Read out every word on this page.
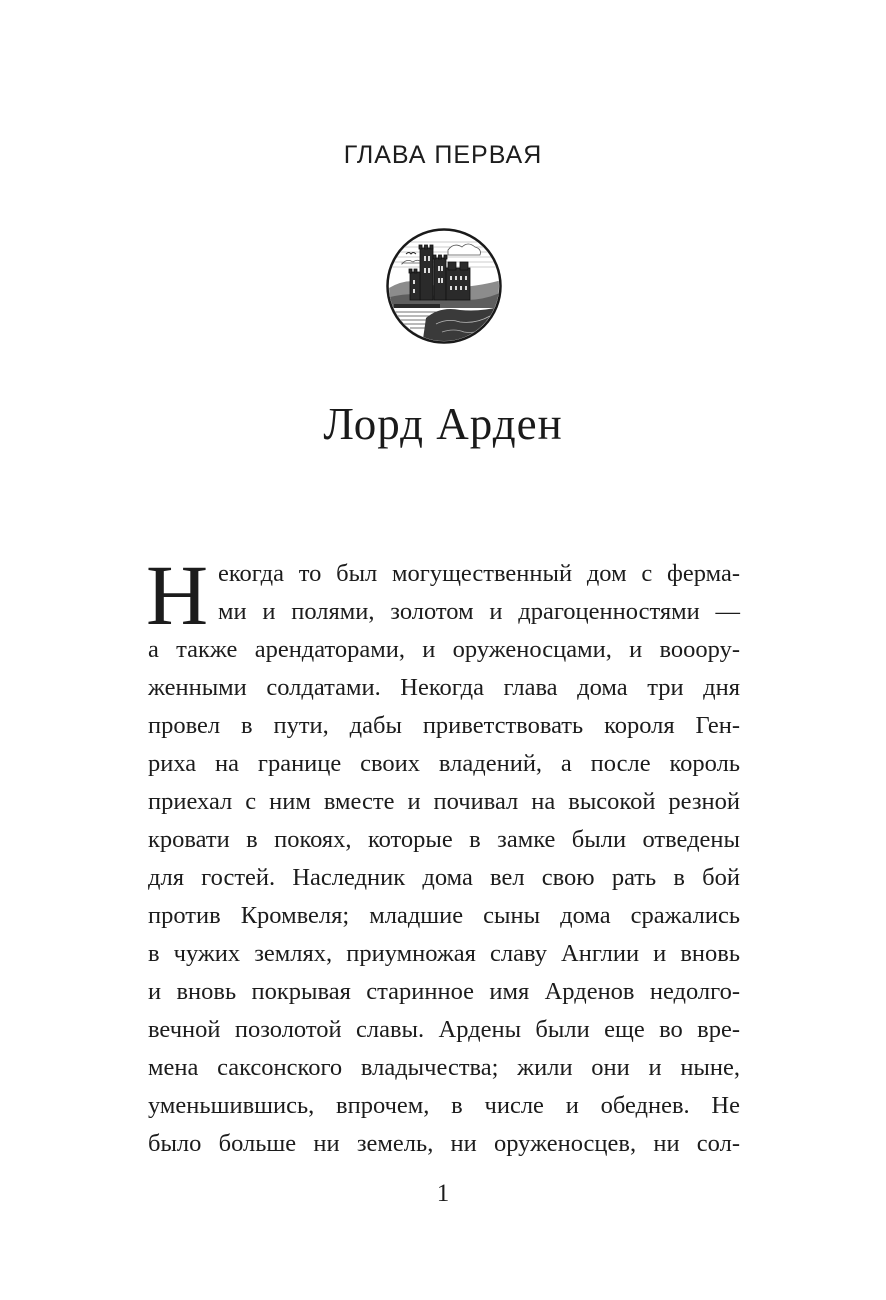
ГЛАВА ПЕРВАЯ
Лорд Арден
Н екогда то был могущественный дом с ферма-
ми и полями, золотом и драгоценностями —
а также арендаторами, и оруженосцами, и вооору-
женными солдатами. Некогда глава дома три дня
провел в пути, дабы приветствовать короля Ген-
риха на границе своих владений, а после король
приехал с ним вместе и почивал на высокой резной
кровати в покоях, которые в замке были отведены
для гостей. Наследник дома вел свою рать в бой
против Кромвеля; младшие сыны дома сражались
в чужих землях, приумножая славу Англии и вновь
и вновь покрывая старинное имя Арденов недолго-
вечной позолотой славы. Ардены были еще во вре-
мена саксонского владычества; жили они и ныне,
уменьшившись, впрочем, в числе и обеднев. Не
было больше ни земель, ни оруженосцев, ни сол-
1
